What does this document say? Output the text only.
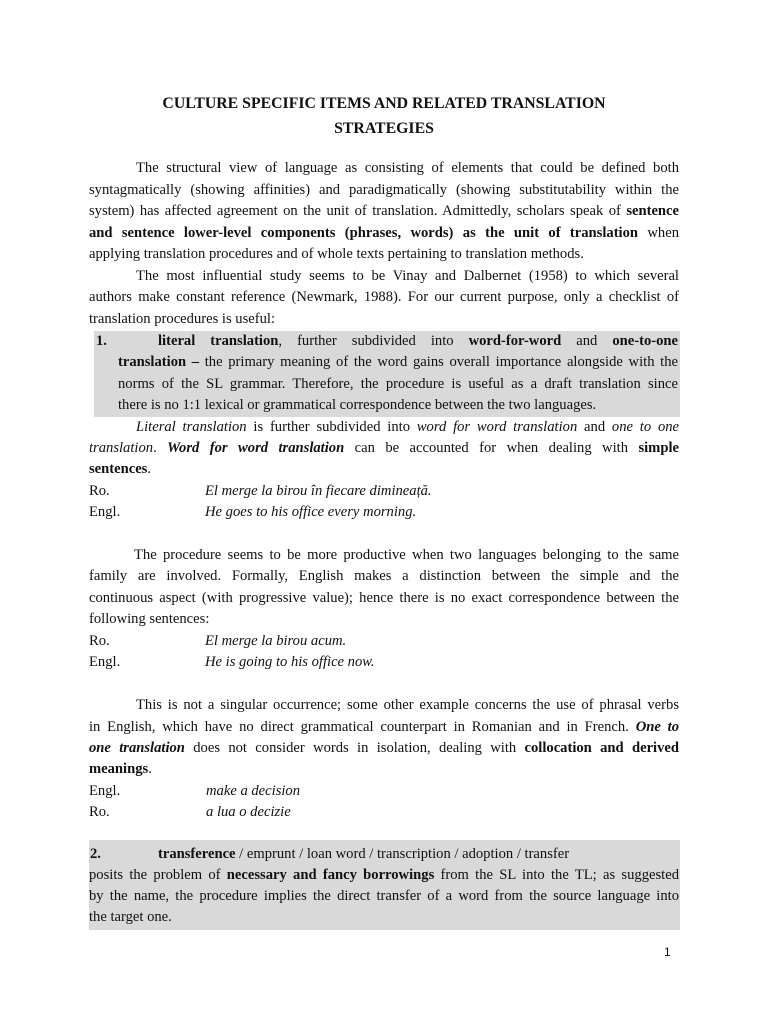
CULTURE SPECIFIC ITEMS AND RELATED TRANSLATION
STRATEGIES
The structural view of language as consisting of elements that could be defined both
syntagmatically (showing affinities) and paradigmatically (showing substitutability within the
system) has affected agreement on the unit of translation. Admittedly, scholars speak of sentence
and sentence lower-level components (phrases, words) as the unit of translation when
applying translation procedures and of whole texts pertaining to translation methods.
The most influential study seems to be Vinay and Dalbernet (1958) to which several
authors make constant reference (Newmark, 1988). For our current purpose, only a checklist of
translation procedures is useful:
1.	literal translation, further subdivided into word-for-word and one-to-one
translation – the primary meaning of the word gains overall importance alongside with the
norms of the SL grammar. Therefore, the procedure is useful as a draft translation since
there is no 1:1 lexical or grammatical correspondence between the two languages.
Literal translation is further subdivided into word for word translation and one to one
translation. Word for word translation can be accounted for when dealing with simple
sentences.
Ro.	El merge la birou în fiecare dimineață.
Engl.	He goes to his office every morning.
The procedure seems to be more productive when two languages belonging to the same
family are involved. Formally, English makes a distinction between the simple and the
continuous aspect (with progressive value); hence there is no exact correspondence between the
following sentences:
Ro.	El merge la birou acum.
Engl.	He is going to his office now.
This is not a singular occurrence; some other example concerns the use of phrasal verbs
in English, which have no direct grammatical counterpart in Romanian and in French. One to
one translation does not consider words in isolation, dealing with collocation and derived
meanings.
Engl.	make a decision
Ro.	a lua o decizie
2.	transference / emprunt / loan word / transcription / adoption / transfer
posits the problem of necessary and fancy borrowings from the SL into the TL; as suggested
by the name, the procedure implies the direct transfer of a word from the source language into
the target one.
1
